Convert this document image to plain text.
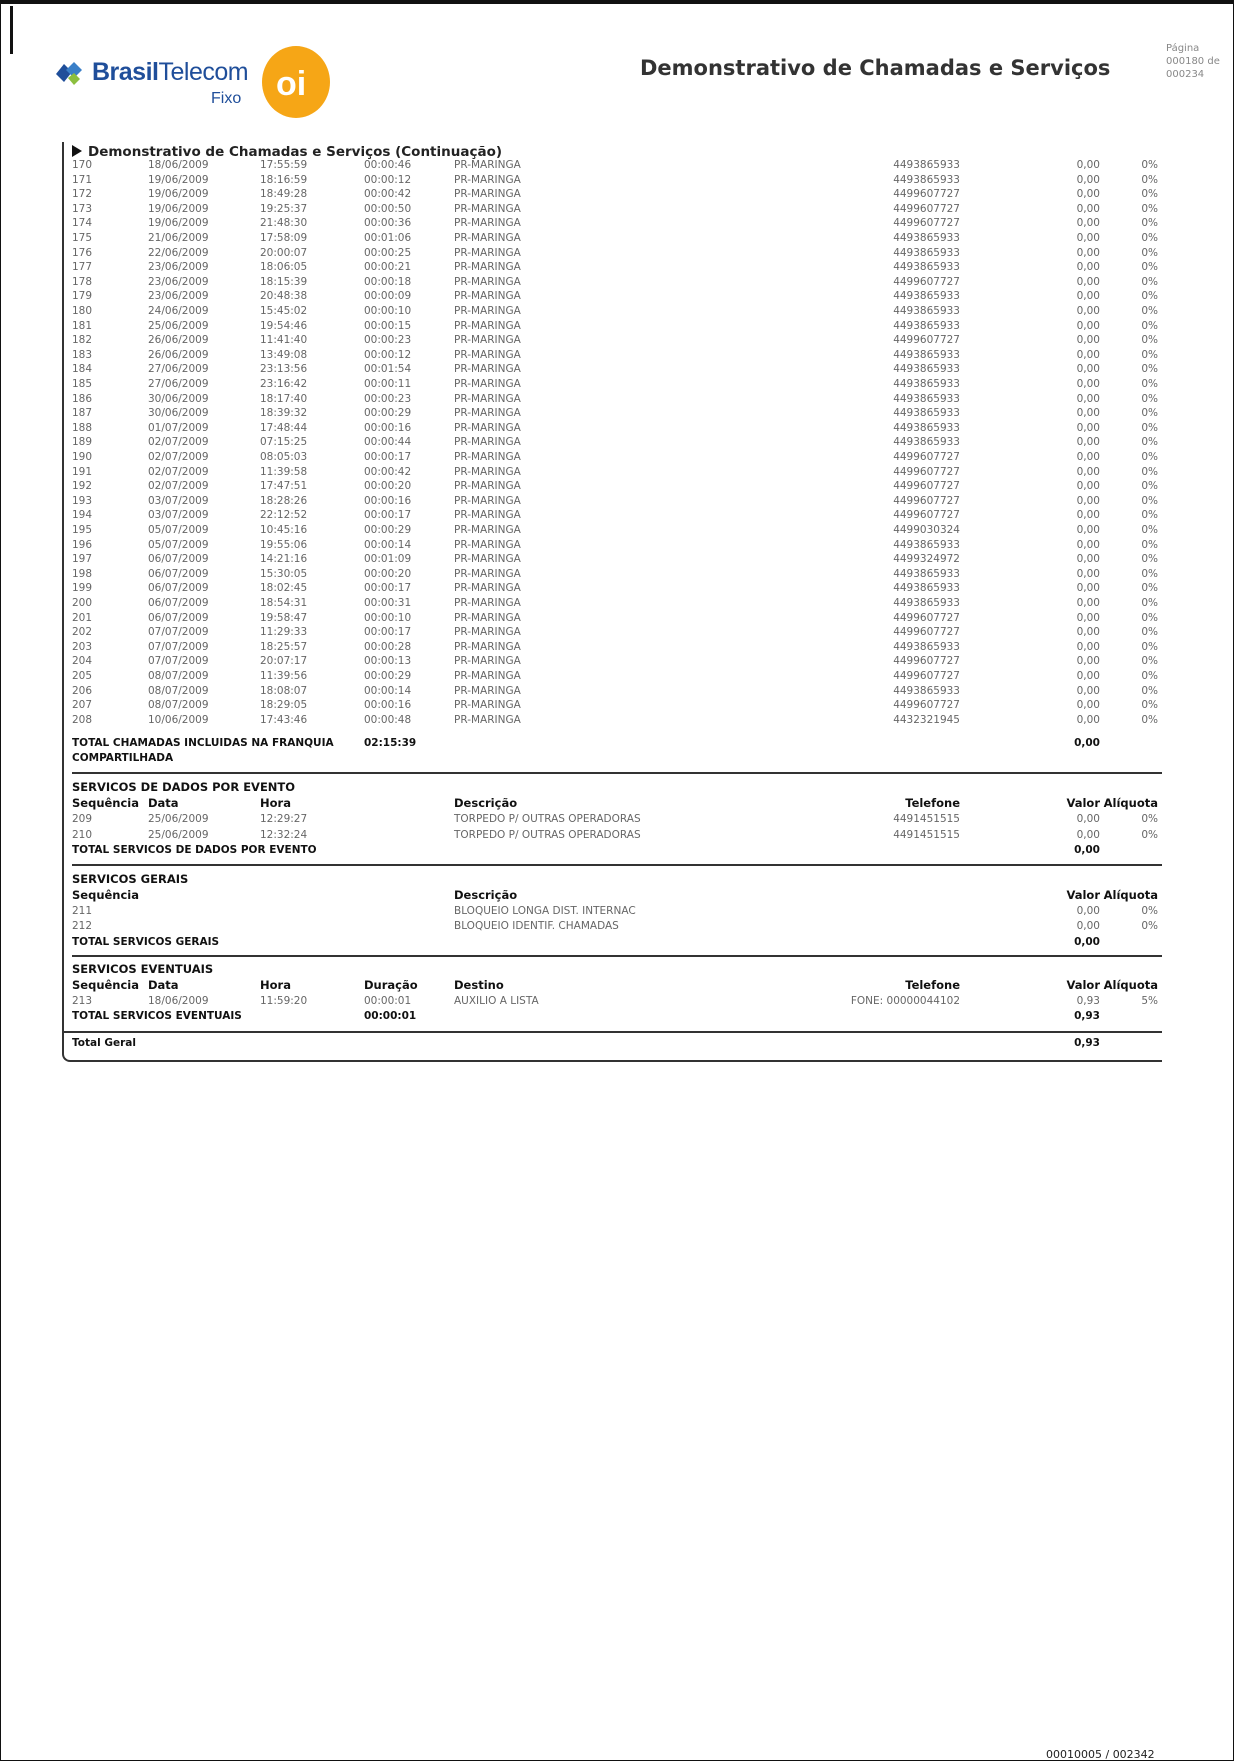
BrasilTelecom
Fixo oi	Demonstrativo de Chamadas e Serviços
Página
000180 de
000234
Demonstrativo de Chamadas e Serviços (Continuação)
170	18/06/2009	17:55:59	00:00:46	PR-MARINGA	4493865933	0,00	0%
171	19/06/2009	18:16:59	00:00:12	PR-MARINGA	4493865933	0,00	0%
172	19/06/2009	18:49:28	00:00:42	PR-MARINGA	4499607727	0,00	0%
173	19/06/2009	19:25:37	00:00:50	PR-MARINGA	4499607727	0,00	0%
174	19/06/2009	21:48:30	00:00:36	PR-MARINGA	4499607727	0,00	0%
175	21/06/2009	17:58:09	00:01:06	PR-MARINGA	4493865933	0,00	0%
176	22/06/2009	20:00:07	00:00:25	PR-MARINGA	4493865933	0,00	0%
177	23/06/2009	18:06:05	00:00:21	PR-MARINGA	4493865933	0,00	0%
178	23/06/2009	18:15:39	00:00:18	PR-MARINGA	4499607727	0,00	0%
179	23/06/2009	20:48:38	00:00:09	PR-MARINGA	4493865933	0,00	0%
180	24/06/2009	15:45:02	00:00:10	PR-MARINGA	4493865933	0,00	0%
181	25/06/2009	19:54:46	00:00:15	PR-MARINGA	4493865933	0,00	0%
182	26/06/2009	11:41:40	00:00:23	PR-MARINGA	4499607727	0,00	0%
183	26/06/2009	13:49:08	00:00:12	PR-MARINGA	4493865933	0,00	0%
184	27/06/2009	23:13:56	00:01:54	PR-MARINGA	4493865933	0,00	0%
185	27/06/2009	23:16:42	00:00:11	PR-MARINGA	4493865933	0,00	0%
186	30/06/2009	18:17:40	00:00:23	PR-MARINGA	4493865933	0,00	0%
187	30/06/2009	18:39:32	00:00:29	PR-MARINGA	4493865933	0,00	0%
188	01/07/2009	17:48:44	00:00:16	PR-MARINGA	4493865933	0,00	0%
189	02/07/2009	07:15:25	00:00:44	PR-MARINGA	4493865933	0,00	0%
190	02/07/2009	08:05:03	00:00:17	PR-MARINGA	4499607727	0,00	0%
191	02/07/2009	11:39:58	00:00:42	PR-MARINGA	4499607727	0,00	0%
192	02/07/2009	17:47:51	00:00:20	PR-MARINGA	4499607727	0,00	0%
193	03/07/2009	18:28:26	00:00:16	PR-MARINGA	4499607727	0,00	0%
194	03/07/2009	22:12:52	00:00:17	PR-MARINGA	4499607727	0,00	0%
195	05/07/2009	10:45:16	00:00:29	PR-MARINGA	4499030324	0,00	0%
196	05/07/2009	19:55:06	00:00:14	PR-MARINGA	4493865933	0,00	0%
197	06/07/2009	14:21:16	00:01:09	PR-MARINGA	4499324972	0,00	0%
198	06/07/2009	15:30:05	00:00:20	PR-MARINGA	4493865933	0,00	0%
199	06/07/2009	18:02:45	00:00:17	PR-MARINGA	4493865933	0,00	0%
200	06/07/2009	18:54:31	00:00:31	PR-MARINGA	4493865933	0,00	0%
201	06/07/2009	19:58:47	00:00:10	PR-MARINGA	4499607727	0,00	0%
202	07/07/2009	11:29:33	00:00:17	PR-MARINGA	4499607727	0,00	0%
203	07/07/2009	18:25:57	00:00:28	PR-MARINGA	4493865933	0,00	0%
204	07/07/2009	20:07:17	00:00:13	PR-MARINGA	4499607727	0,00	0%
205	08/07/2009	11:39:56	00:00:29	PR-MARINGA	4499607727	0,00	0%
206	08/07/2009	18:08:07	00:00:14	PR-MARINGA	4493865933	0,00	0%
207	08/07/2009	18:29:05	00:00:16	PR-MARINGA	4499607727	0,00	0%
208	10/06/2009	17:43:46	00:00:48	PR-MARINGA	4432321945	0,00	0%
TOTAL CHAMADAS INCLUIDAS NA FRANQUIA	02:15:39	0,00
COMPARTILHADA
SERVICOS DE DADOS POR EVENTO
Sequência Data	Hora	Descrição	Telefone	Valor Alíquota
209	25/06/2009	12:29:27	TORPEDO P/ OUTRAS OPERADORAS	4491451515	0,00	0%
210	25/06/2009	12:32:24	TORPEDO P/ OUTRAS OPERADORAS	4491451515	0,00	0%
TOTAL SERVICOS DE DADOS POR EVENTO	0,00
SERVICOS GERAIS
Sequência	Descrição	Valor Alíquota
211	BLOQUEIO LONGA DIST. INTERNAC	0,00	0%
212	BLOQUEIO IDENTIF. CHAMADAS	0,00	0%
TOTAL SERVICOS GERAIS	0,00
SERVICOS EVENTUAIS
Sequência Data	Hora	Duração	Destino	Telefone	Valor Alíquota
213	18/06/2009	11:59:20	00:00:01	AUXILIO A LISTA	FONE: 00000044102	0,93	5%
TOTAL SERVICOS EVENTUAIS	00:00:01	0,93
Total Geral	0,93
00010005 / 002342
